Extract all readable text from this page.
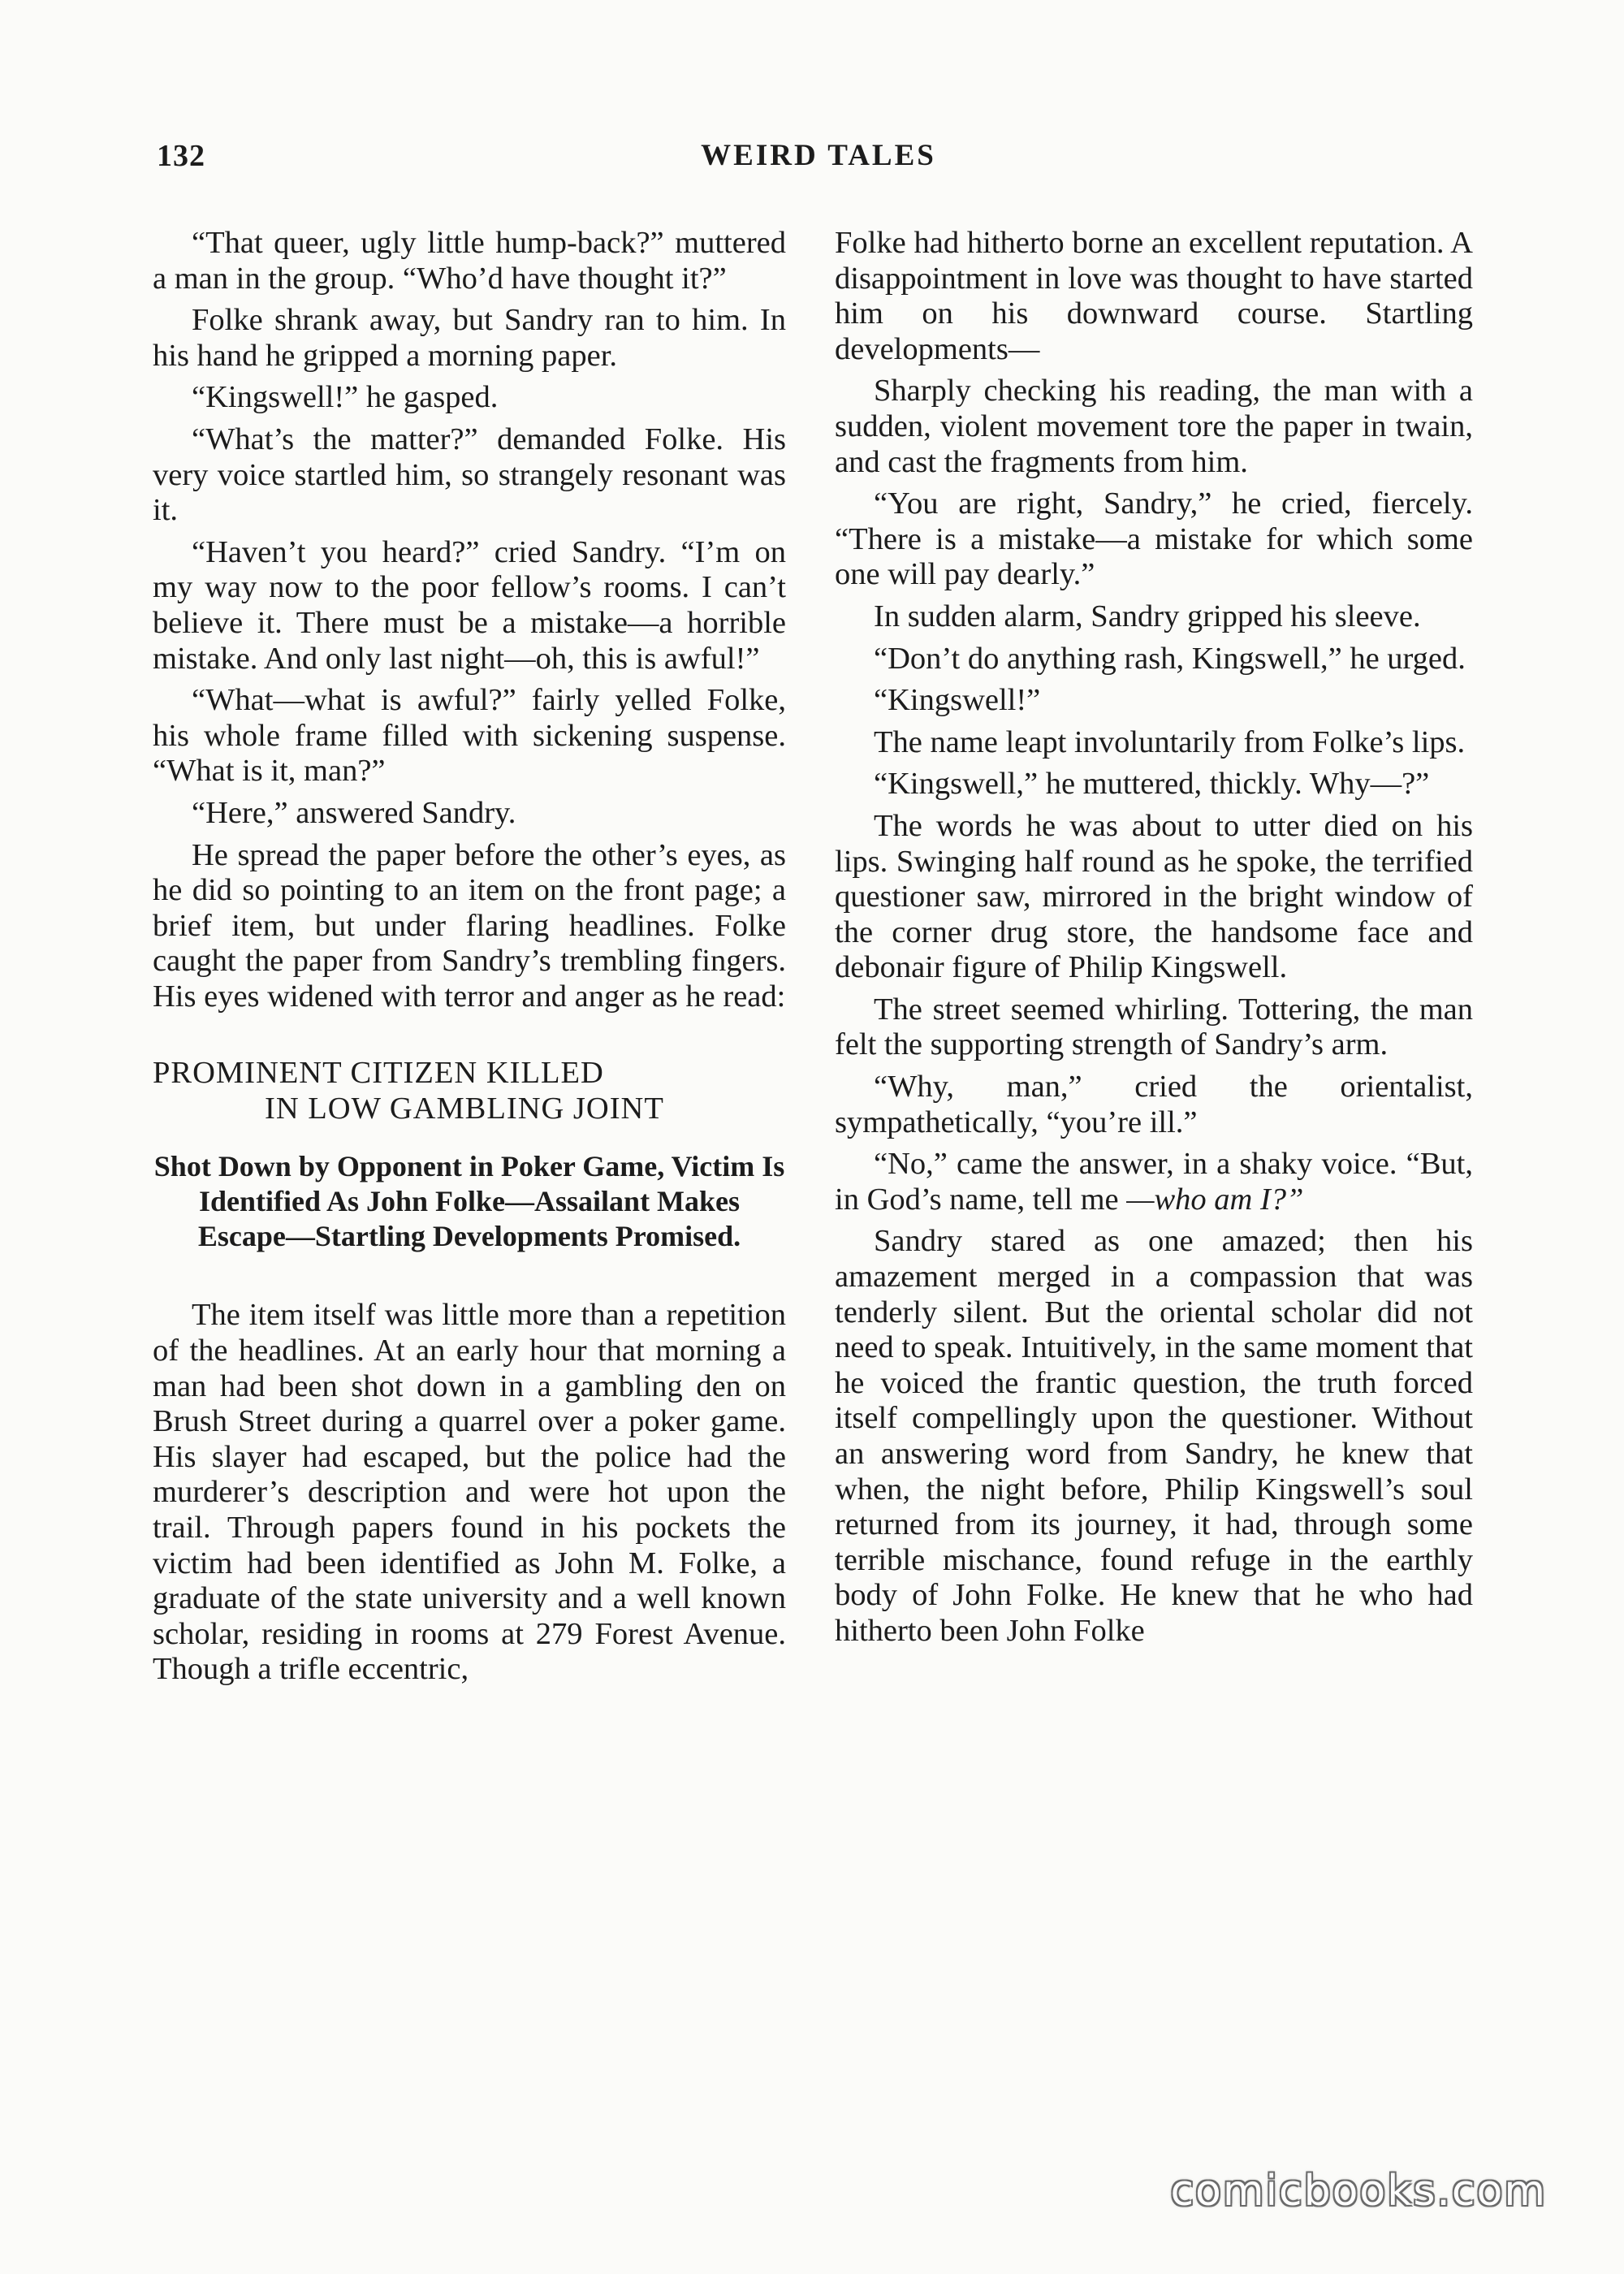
132	WEIRD TALES

“That queer, ugly little hump-back?” muttered a man in the group. “Who’d have thought it?”

Folke shrank away, but Sandry ran to him. In his hand he gripped a morning paper.

“Kingswell!” he gasped.

“What’s the matter?” demanded Folke. His very voice startled him, so strangely resonant was it.

“Haven’t you heard?” cried Sandry. “I’m on my way now to the poor fellow’s rooms. I can’t believe it. There must be a mistake—a horrible mistake. And only last night—oh, this is awful!”

“What—what is awful?” fairly yelled Folke, his whole frame filled with sickening suspense. “What is it, man?”

“Here,” answered Sandry.

He spread the paper before the other’s eyes, as he did so pointing to an item on the front page; a brief item, but under flaring headlines. Folke caught the paper from Sandry’s trembling fingers. His eyes widened with terror and anger as he read:

PROMINENT CITIZEN KILLED
IN LOW GAMBLING JOINT
Shot Down by Opponent in Poker Game, Victim Is Identified As John Folke—Assailant Makes Escape—Startling Developments Promised.

The item itself was little more than a repetition of the headlines. At an early hour that morning a man had been shot down in a gambling den on Brush Street during a quarrel over a poker game. His slayer had escaped, but the police had the murderer’s description and were hot upon the trail. Through papers found in his pockets the victim had been identified as John M. Folke, a graduate of the state university and a well known scholar, residing in rooms at 279 Forest Avenue. Though a trifle eccentric,

Folke had hitherto borne an excellent reputation. A disappointment in love was thought to have started him on his downward course. Startling developments—

Sharply checking his reading, the man with a sudden, violent movement tore the paper in twain, and cast the fragments from him.

“You are right, Sandry,” he cried, fiercely. “There is a mistake—a mistake for which some one will pay dearly.”

In sudden alarm, Sandry gripped his sleeve.

“Don’t do anything rash, Kingswell,” he urged.

“Kingswell!”

The name leapt involuntarily from Folke’s lips.

“Kingswell,” he muttered, thickly. Why—?”

The words he was about to utter died on his lips. Swinging half round as he spoke, the terrified questioner saw, mirrored in the bright window of the corner drug store, the handsome face and debonair figure of Philip Kingswell.

The street seemed whirling. Tottering, the man felt the supporting strength of Sandry’s arm.

“Why, man,” cried the orientalist, sympathetically, “you’re ill.”

“No,” came the answer, in a shaky voice. “But, in God’s name, tell me —who am I?”

Sandry stared as one amazed; then his amazement merged in a compassion that was tenderly silent. But the oriental scholar did not need to speak. Intuitively, in the same moment that he voiced the frantic question, the truth forced itself compellingly upon the questioner. Without an answering word from Sandry, he knew that when, the night before, Philip Kingswell’s soul returned from its journey, it had, through some terrible mischance, found refuge in the earthly body of John Folke. He knew that he who had hitherto been John Folke

comicbooks.com
